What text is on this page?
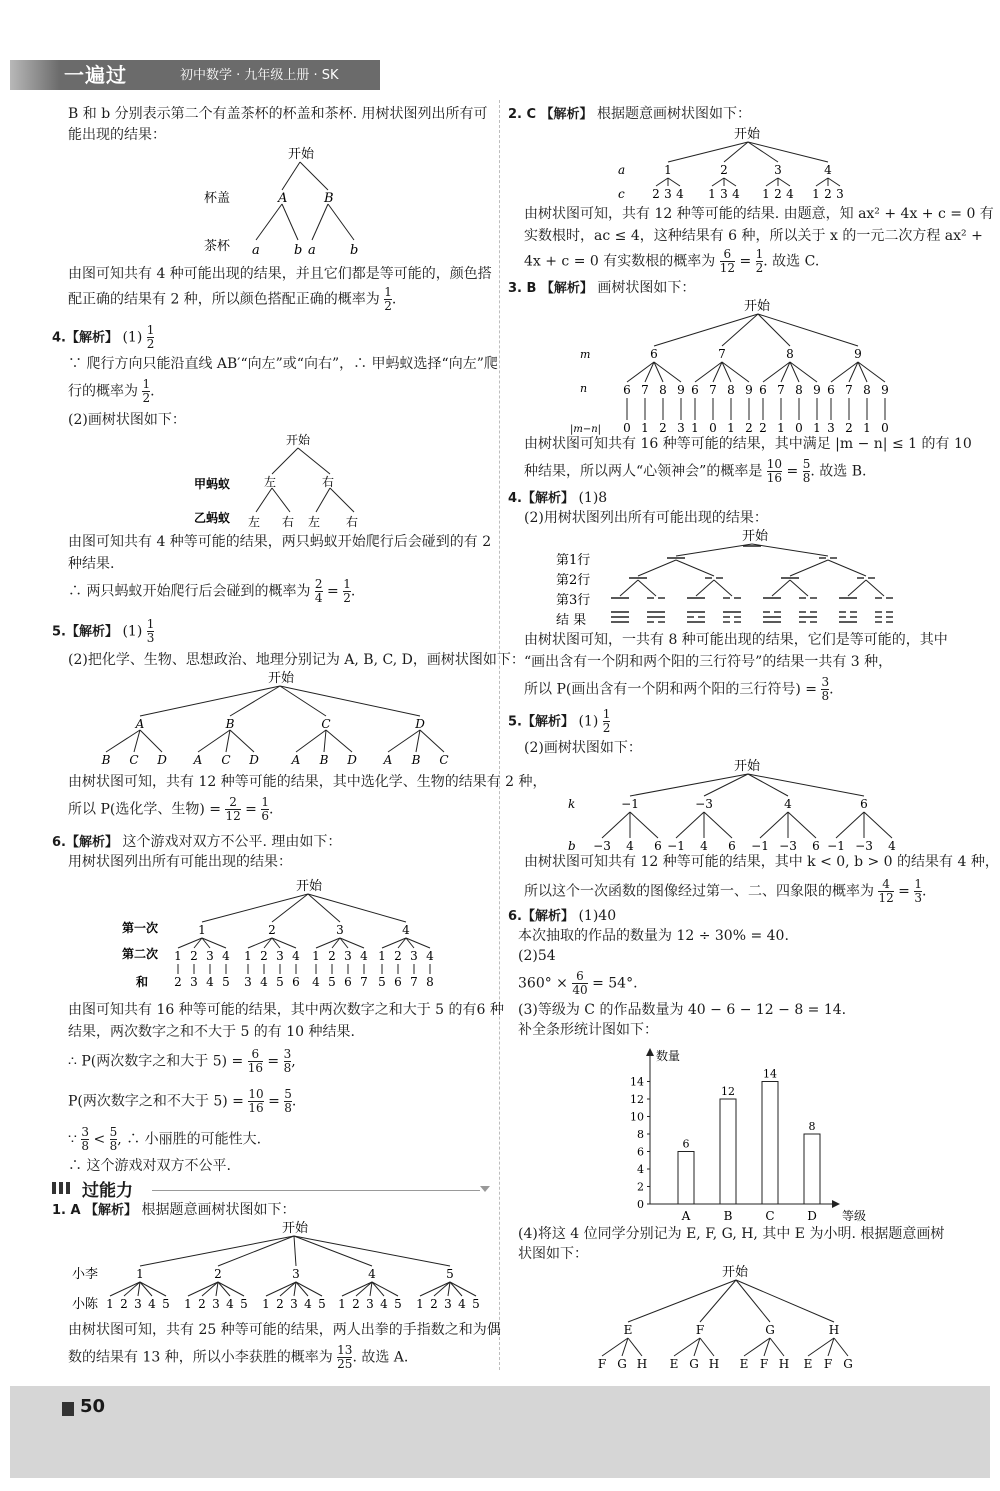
一遍过	初中数学 · 九年级上册 · SK
B 和 b 分别表示第二个有盖茶杯的杯盖和茶杯. 用树状图列出所有可
能出现的结果：
开始
杯盖
茶杯
A	B
a	b a	b
由图可知共有 4 种可能出现的结果，并且它们都是等可能的，颜色搭
配正确的结果有 2 种，所以颜色搭配正确的概率为 $\frac{1}{2}$ .
4.【解析】 $(1) \frac{1}{2}$
∵ 爬行方向只能沿直线 AB′“向左”或“向右”，∴ 甲蚂蚁选择“向左”爬
行的概率为 $\frac{1}{2}$ .
(2)画树状图如下：
开始
甲蚂蚁
乙蚂蚁
左	右
左 右 左 右
由图可知共有 4 种等可能的结果，两只蚂蚁开始爬行后会碰到的有 2
种结果.
∴ 两只蚂蚁开始爬行后会碰到的概率为 $\frac{2}{4} = \frac{1}{2}$ .
5.【解析】 $(1) \frac{1}{3}$
(2)把化学、生物、思想政治、地理分别记为 A, B, C, D，画树状图如下：
开始
A	B	C	D
B C D A C D	A B D A B C
由树状图可知，共有 12 种等可能的结果，其中选化学、生物的结果有 2 种，
所以 P(选化学、生物) = $\frac{2}{12} = \frac{1}{6}$ .
6.【解析】 这个游戏对双方不公平. 理由如下：
用树状图列出所有可能出现的结果：
开始
第一次
第二次
和
1	2	3	4
1 2 3 4 1 2 3 4 1 2 3 4 1 2 3 4
2 3 4 5 3 4 5 6 4 5 6 7 5 6 7 8
由图可知共有 16 种等可能的结果，其中两次数字之和大于 5 的有6 种
结果，两次数字之和不大于 5 的有 10 种结果.
∴ P(两次数字之和大于 $5) = \frac{6}{16} = \frac{3}{8}$ ,
P(两次数字之和不大于 $5) = \frac{10}{16} = \frac{5}{8}$ .
∵ $\frac{3}{8} < \frac{5}{8}$ , ∴ 小丽胜的可能性大.
∴ 这个游戏对双方不公平.
过能力
1. A 【解析】 根据题意画树状图如下：
开始
小李
小陈
1	2	3	4	5
1 2 3 4 5 1 2 3 4 5 1 2 3 4 5 1 2 3 4 5 1 2 3 4 5
由树状图可知，共有 25 种等可能的结果，两人出拳的手指数之和为偶
数的结果有 13 种，所以小李获胜的概率为 $\frac{13}{25}$ . 故选 A.
2. C 【解析】 根据题意画树状图如下：
开始
a
c
1	2	3	4
2 3 4 1 3 4 1 2 4 1 2 3
由树状图可知，共有 12 种等可能的结果. 由题意，知 ax² + 4x + c = 0 有
实数根时，ac ≤ 4，这种结果有 6 种，所以关于 x 的一元二次方程 ax² +
4x + c = 0 有实数根的概率为 $\frac{6}{12} = \frac{1}{2}$ . 故选 C.
3. B 【解析】 画树状图如下：
开始
m
n
|m−n|
6	7	8	9
6 7 8 9 6 7 8 9 6 7 8 9 6 7 8 9
0 1 2 3 1 0 1 2 2 1 0 1 3 2 1 0
由树状图可知共有 16 种等可能的结果，其中满足 |m − n| ≤ 1 的有 10
种结果，所以两人“心领神会”的概率是 $\frac{10}{16} = \frac{5}{8}$ . 故选 B.
4.【解析】 (1)8
(2)用树状图列出所有可能出现的结果：
开始
第1行
第2行
第3行
结 果
由树状图可知，一共有 8 种可能出现的结果，它们是等可能的，其中
“画出含有一个阴和两个阳的三行符号”的结果一共有 3 种，
所以 P(画出含有一个阴和两个阳的三行符号) = $\frac{3}{8}$ .
5.【解析】 $(1) \frac{1}{2}$
(2)画树状图如下：
开始
k
b
−1	−3	4	6
−3 4 6 −1 4 6 −1 −3 6 −1 −3 4
由树状图可知共有 12 种等可能的结果，其中 k < 0, b > 0 的结果有 4 种，
所以这个一次函数的图像经过第一、二、四象限的概率为 $\frac{4}{12} = \frac{1}{3}$ .
6.【解析】 (1)40
本次抽取的作品的数量为 12 ÷ 30% = 40.
(2)54
$360^\circ \times \frac{6}{40} = 54^\circ$.
(3)等级为 C 的作品数量为 40 − 6 − 12 − 8 = 14.
补全条形统计图如下：
数量
等级
0
2
4
6
8
10
12
14
6
A
12
B
14
C
8
D
(4)将这 4 位同学分别记为 E, F, G, H, 其中 E 为小明. 根据题意画树
状图如下：
开始
E	F	G	H
F G H E G H E F H E F G
50
